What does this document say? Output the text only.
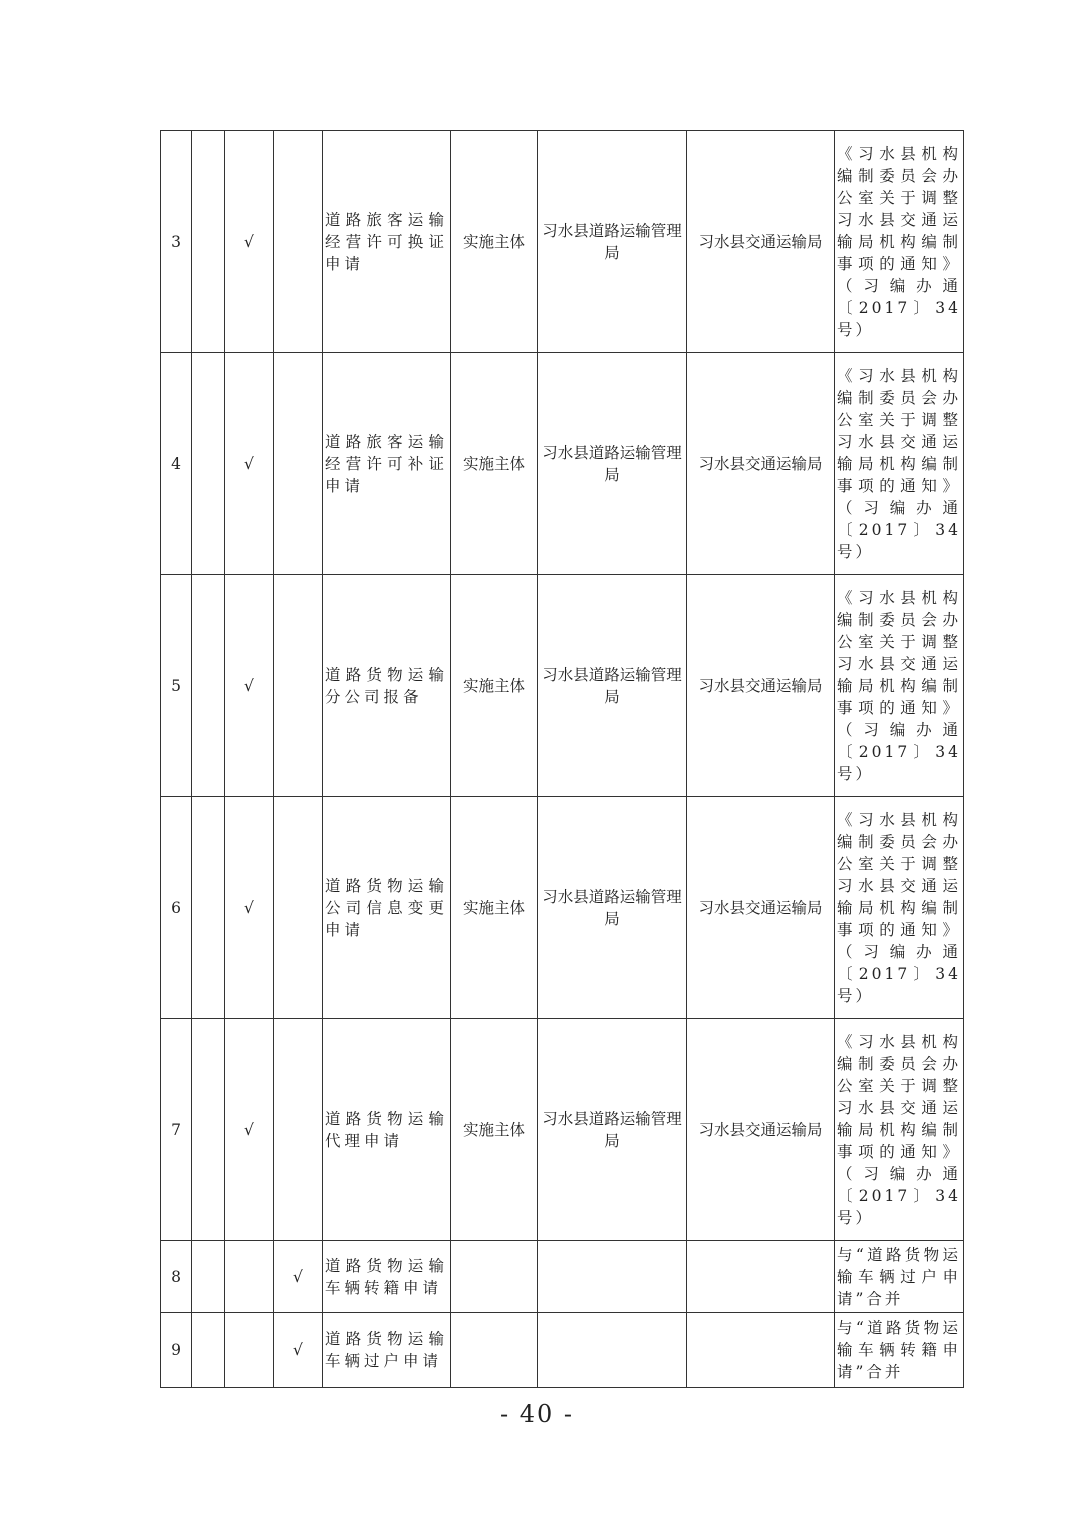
3		√		道路旅客运输经营许可换证申请	实施主体	习水县道路运输管理局	习水县交通运输局	《习水县机构编制委员会办公室关于调整习水县交通运输局机构编制事项的通知》（习编办通〔2017〕34号）
4		√		道路旅客运输经营许可补证申请	实施主体	习水县道路运输管理局	习水县交通运输局	《习水县机构编制委员会办公室关于调整习水县交通运输局机构编制事项的通知》（习编办通〔2017〕34号）
5		√		道路货物运输分公司报备	实施主体	习水县道路运输管理局	习水县交通运输局	《习水县机构编制委员会办公室关于调整习水县交通运输局机构编制事项的通知》（习编办通〔2017〕34号）
6		√		道路货物运输公司信息变更申请	实施主体	习水县道路运输管理局	习水县交通运输局	《习水县机构编制委员会办公室关于调整习水县交通运输局机构编制事项的通知》（习编办通〔2017〕34号）
7		√		道路货物运输代理申请	实施主体	习水县道路运输管理局	习水县交通运输局	《习水县机构编制委员会办公室关于调整习水县交通运输局机构编制事项的通知》（习编办通〔2017〕34号）
8			√	道路货物运输车辆转籍申请				与“道路货物运输车辆过户申请”合并
9			√	道路货物运输车辆过户申请				与“道路货物运输车辆转籍申请”合并
- 40 -
